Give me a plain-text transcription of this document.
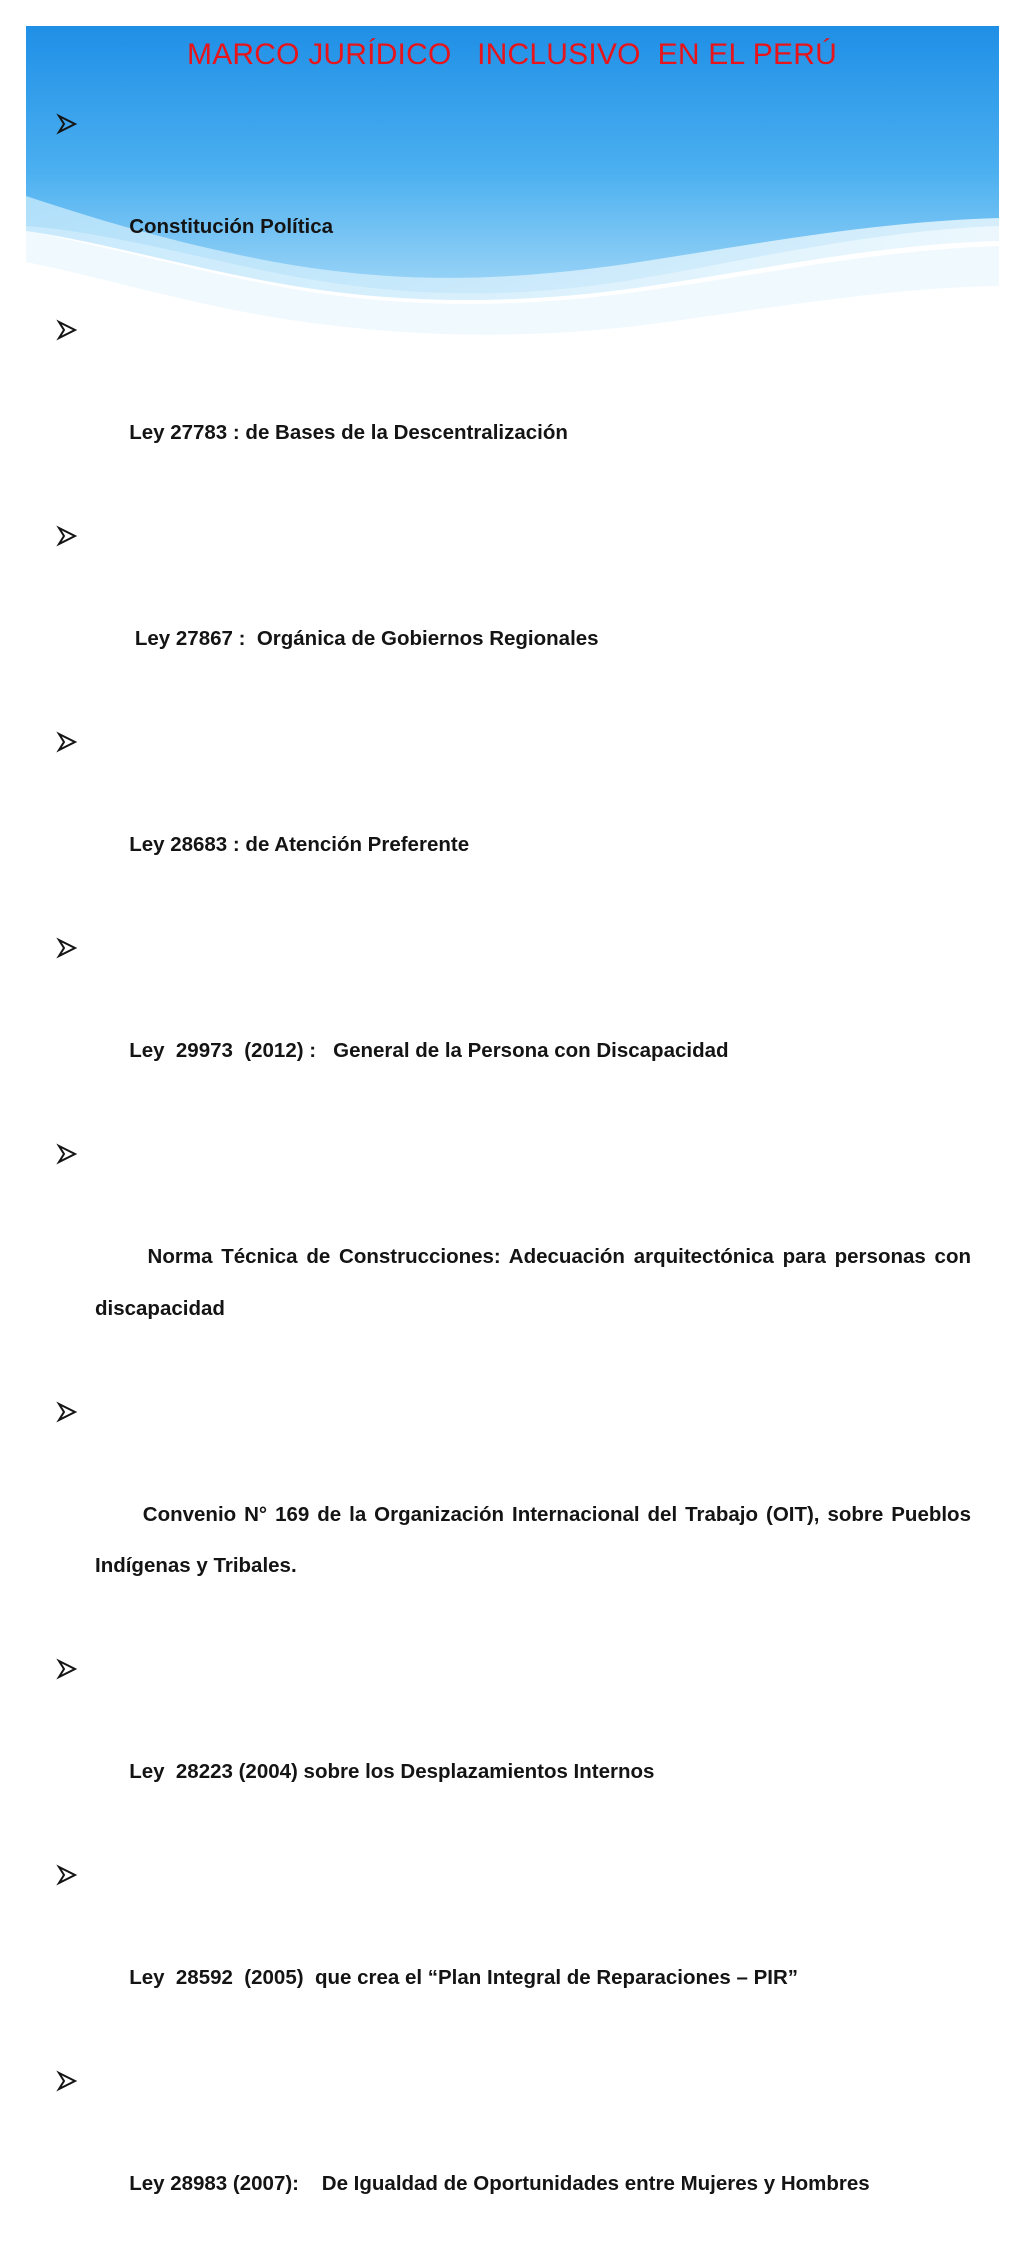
MARCO JURÍDICO   INCLUSIVO  EN EL PERÚ

Constitución Política

Ley 27783 : de Bases de la Descentralización

Ley 27867 :  Orgánica de Gobiernos Regionales

Ley 28683 : de Atención Preferente

Ley  29973  (2012) :   General de la Persona con Discapacidad

Norma Técnica de Construcciones: Adecuación arquitectónica para personas con discapacidad

Convenio N° 169 de la Organización Internacional del Trabajo (OIT), sobre Pueblos Indígenas y Tribales.

Ley  28223 (2004) sobre los Desplazamientos Internos

Ley  28592  (2005)  que crea el “Plan Integral de Reparaciones – PIR”

Ley 28983 (2007):    De Igualdad de Oportunidades entre Mujeres y Hombres
